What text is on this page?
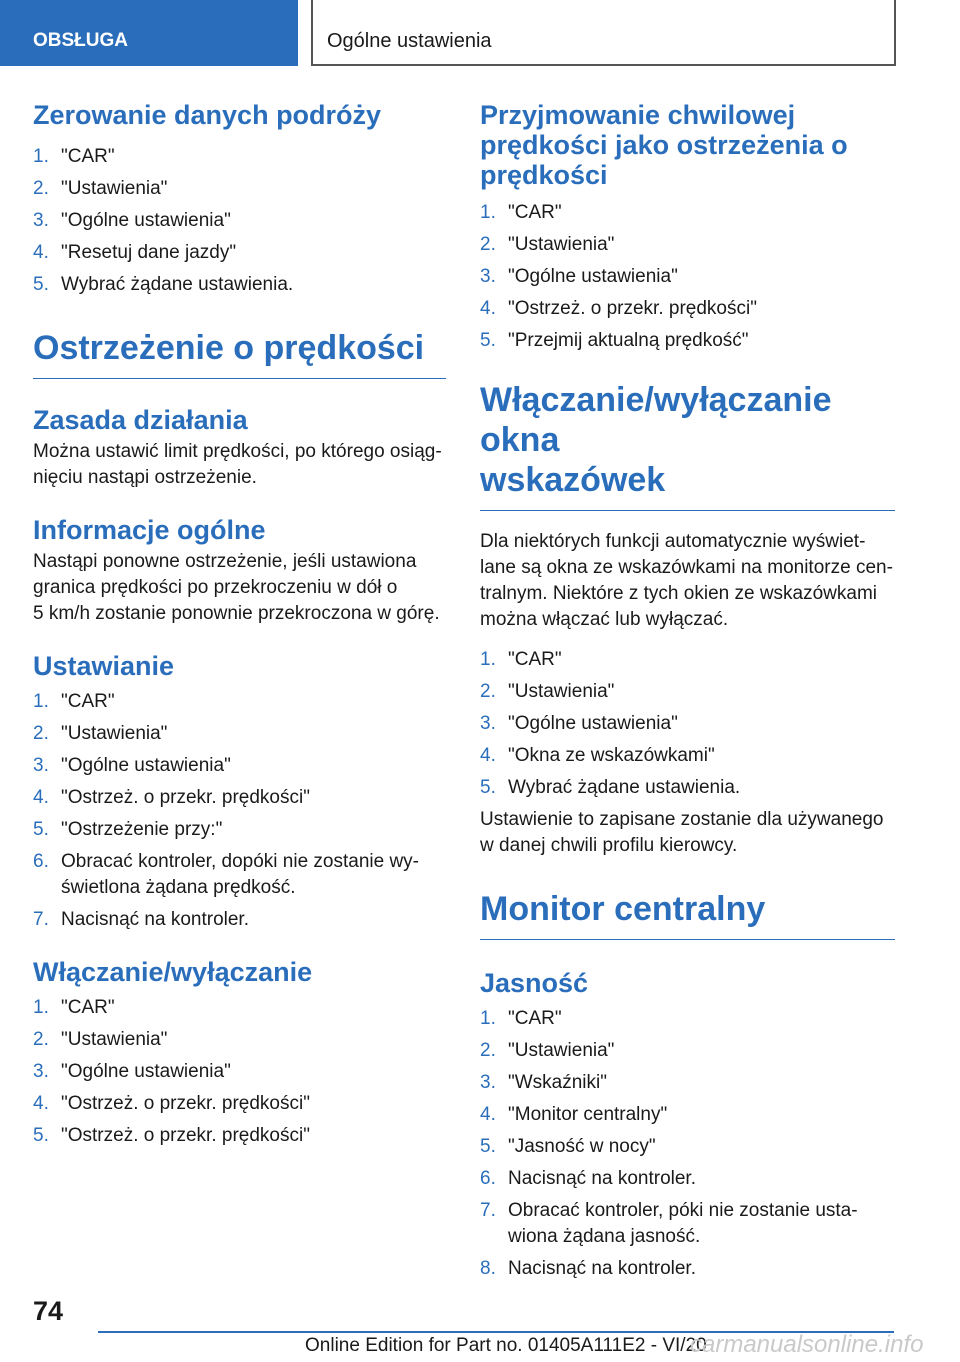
OBSŁUGA	Ogólne ustawienia
Zerowanie danych podróży
1. "CAR"
2. "Ustawienia"
3. "Ogólne ustawienia"
4. "Resetuj dane jazdy"
5. Wybrać żądane ustawienia.
Ostrzeżenie o prędkości
Zasada działania

Można ustawić limit prędkości, po którego osiąg-
nięciu nastąpi ostrzeżenie.

Informacje ogólne

Nastąpi ponowne ostrzeżenie, jeśli ustawiona
granica prędkości po przekroczeniu w dół o
5 km/h zostanie ponownie przekroczona w górę.

Ustawianie
1. "CAR"
2. "Ustawienia"
3. "Ogólne ustawienia"
4. "Ostrzeż. o przekr. prędkości"
5. "Ostrzeżenie przy:"
6. Obracać kontroler, dopóki nie zostanie wy-
świetlona żądana prędkość.
7. Nacisnąć na kontroler.
Włączanie/wyłączanie
1. "CAR"
2. "Ustawienia"
3. "Ogólne ustawienia"
4. "Ostrzeż. o przekr. prędkości"
5. "Ostrzeż. o przekr. prędkości"
Przyjmowanie chwilowej
prędkości jako ostrzeżenia o
prędkości
1. "CAR"
2. "Ustawienia"
3. "Ogólne ustawienia"
4. "Ostrzeż. o przekr. prędkości"
5. "Przejmij aktualną prędkość"
Włączanie/wyłączanie okna
wskazówek

Dla niektórych funkcji automatycznie wyświet-
lane są okna ze wskazówkami na monitorze cen-
tralnym. Niektóre z tych okien ze wskazówkami
można włączać lub wyłączać.

1. "CAR"
2. "Ustawienia"
3. "Ogólne ustawienia"
4. "Okna ze wskazówkami"
5. Wybrać żądane ustawienia.

Ustawienie to zapisane zostanie dla używanego
w danej chwili profilu kierowcy.

Monitor centralny
Jasność
1. "CAR"
2. "Ustawienia"
3. "Wskaźniki"
4. "Monitor centralny"
5. "Jasność w nocy"
6. Nacisnąć na kontroler.
7. Obracać kontroler, póki nie zostanie usta-
wiona żądana jasność.
8. Nacisnąć na kontroler.
74
Online Edition for Part no. 01405A111E2 - VI/20
carmanualsonline.info
